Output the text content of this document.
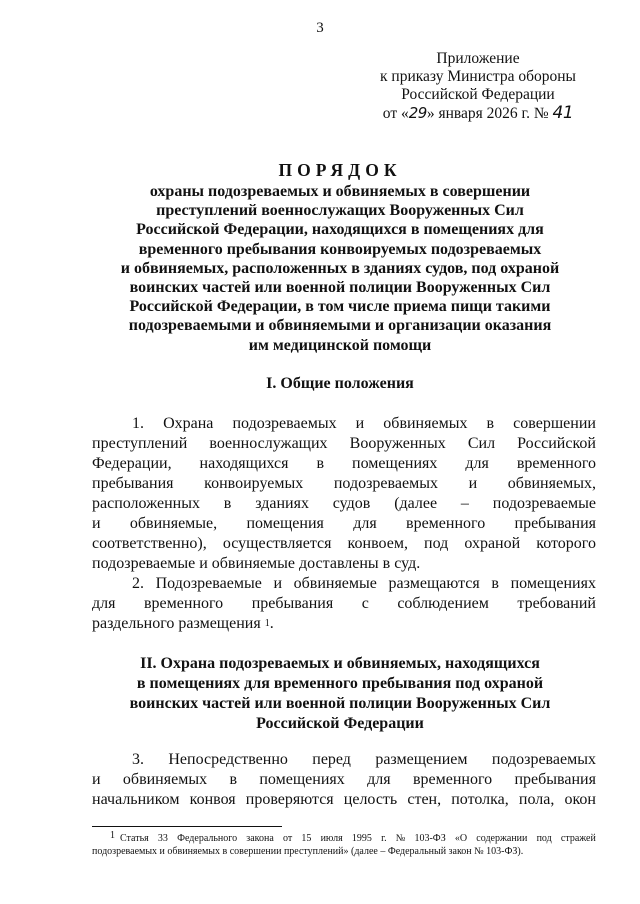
3
Приложение
к приказу Министра обороны
Российской Федерации
от «29» января 2026 г. № 41
ПОРЯДОК
охраны подозреваемых и обвиняемых в совершении
преступлений военнослужащих Вооруженных Сил
Российской Федерации, находящихся в помещениях для
временного пребывания конвоируемых подозреваемых
и обвиняемых, расположенных в зданиях судов, под охраной
воинских частей или военной полиции Вооруженных Сил
Российской Федерации, в том числе приема пищи такими
подозреваемыми и обвиняемыми и организации оказания
им медицинской помощи
I. Общие положения
1. Охрана подозреваемых и обвиняемых в совершении
преступлений военнослужащих Вооруженных Сил Российской
Федерации, находящихся в помещениях для временного
пребывания конвоируемых подозреваемых и обвиняемых,
расположенных в зданиях судов (далее – подозреваемые
и обвиняемые, помещения для временного пребывания
соответственно), осуществляется конвоем, под охраной которого
подозреваемые и обвиняемые доставлены в суд.
2. Подозреваемые и обвиняемые размещаются в помещениях
для временного пребывания с соблюдением требований
раздельного размещения 1 .
II. Охрана подозреваемых и обвиняемых, находящихся
в помещениях для временного пребывания под охраной
воинских частей или военной полиции Вооруженных Сил
Российской Федерации
3. Непосредственно перед размещением подозреваемых
и обвиняемых в помещениях для временного пребывания
начальником конвоя проверяются целость стен, потолка, пола, окон
1 Статья 33 Федерального закона от 15 июля 1995 г. № 103-ФЗ «О содержании под стражей
подозреваемых и обвиняемых в совершении преступлений» (далее – Федеральный закон № 103-ФЗ).
